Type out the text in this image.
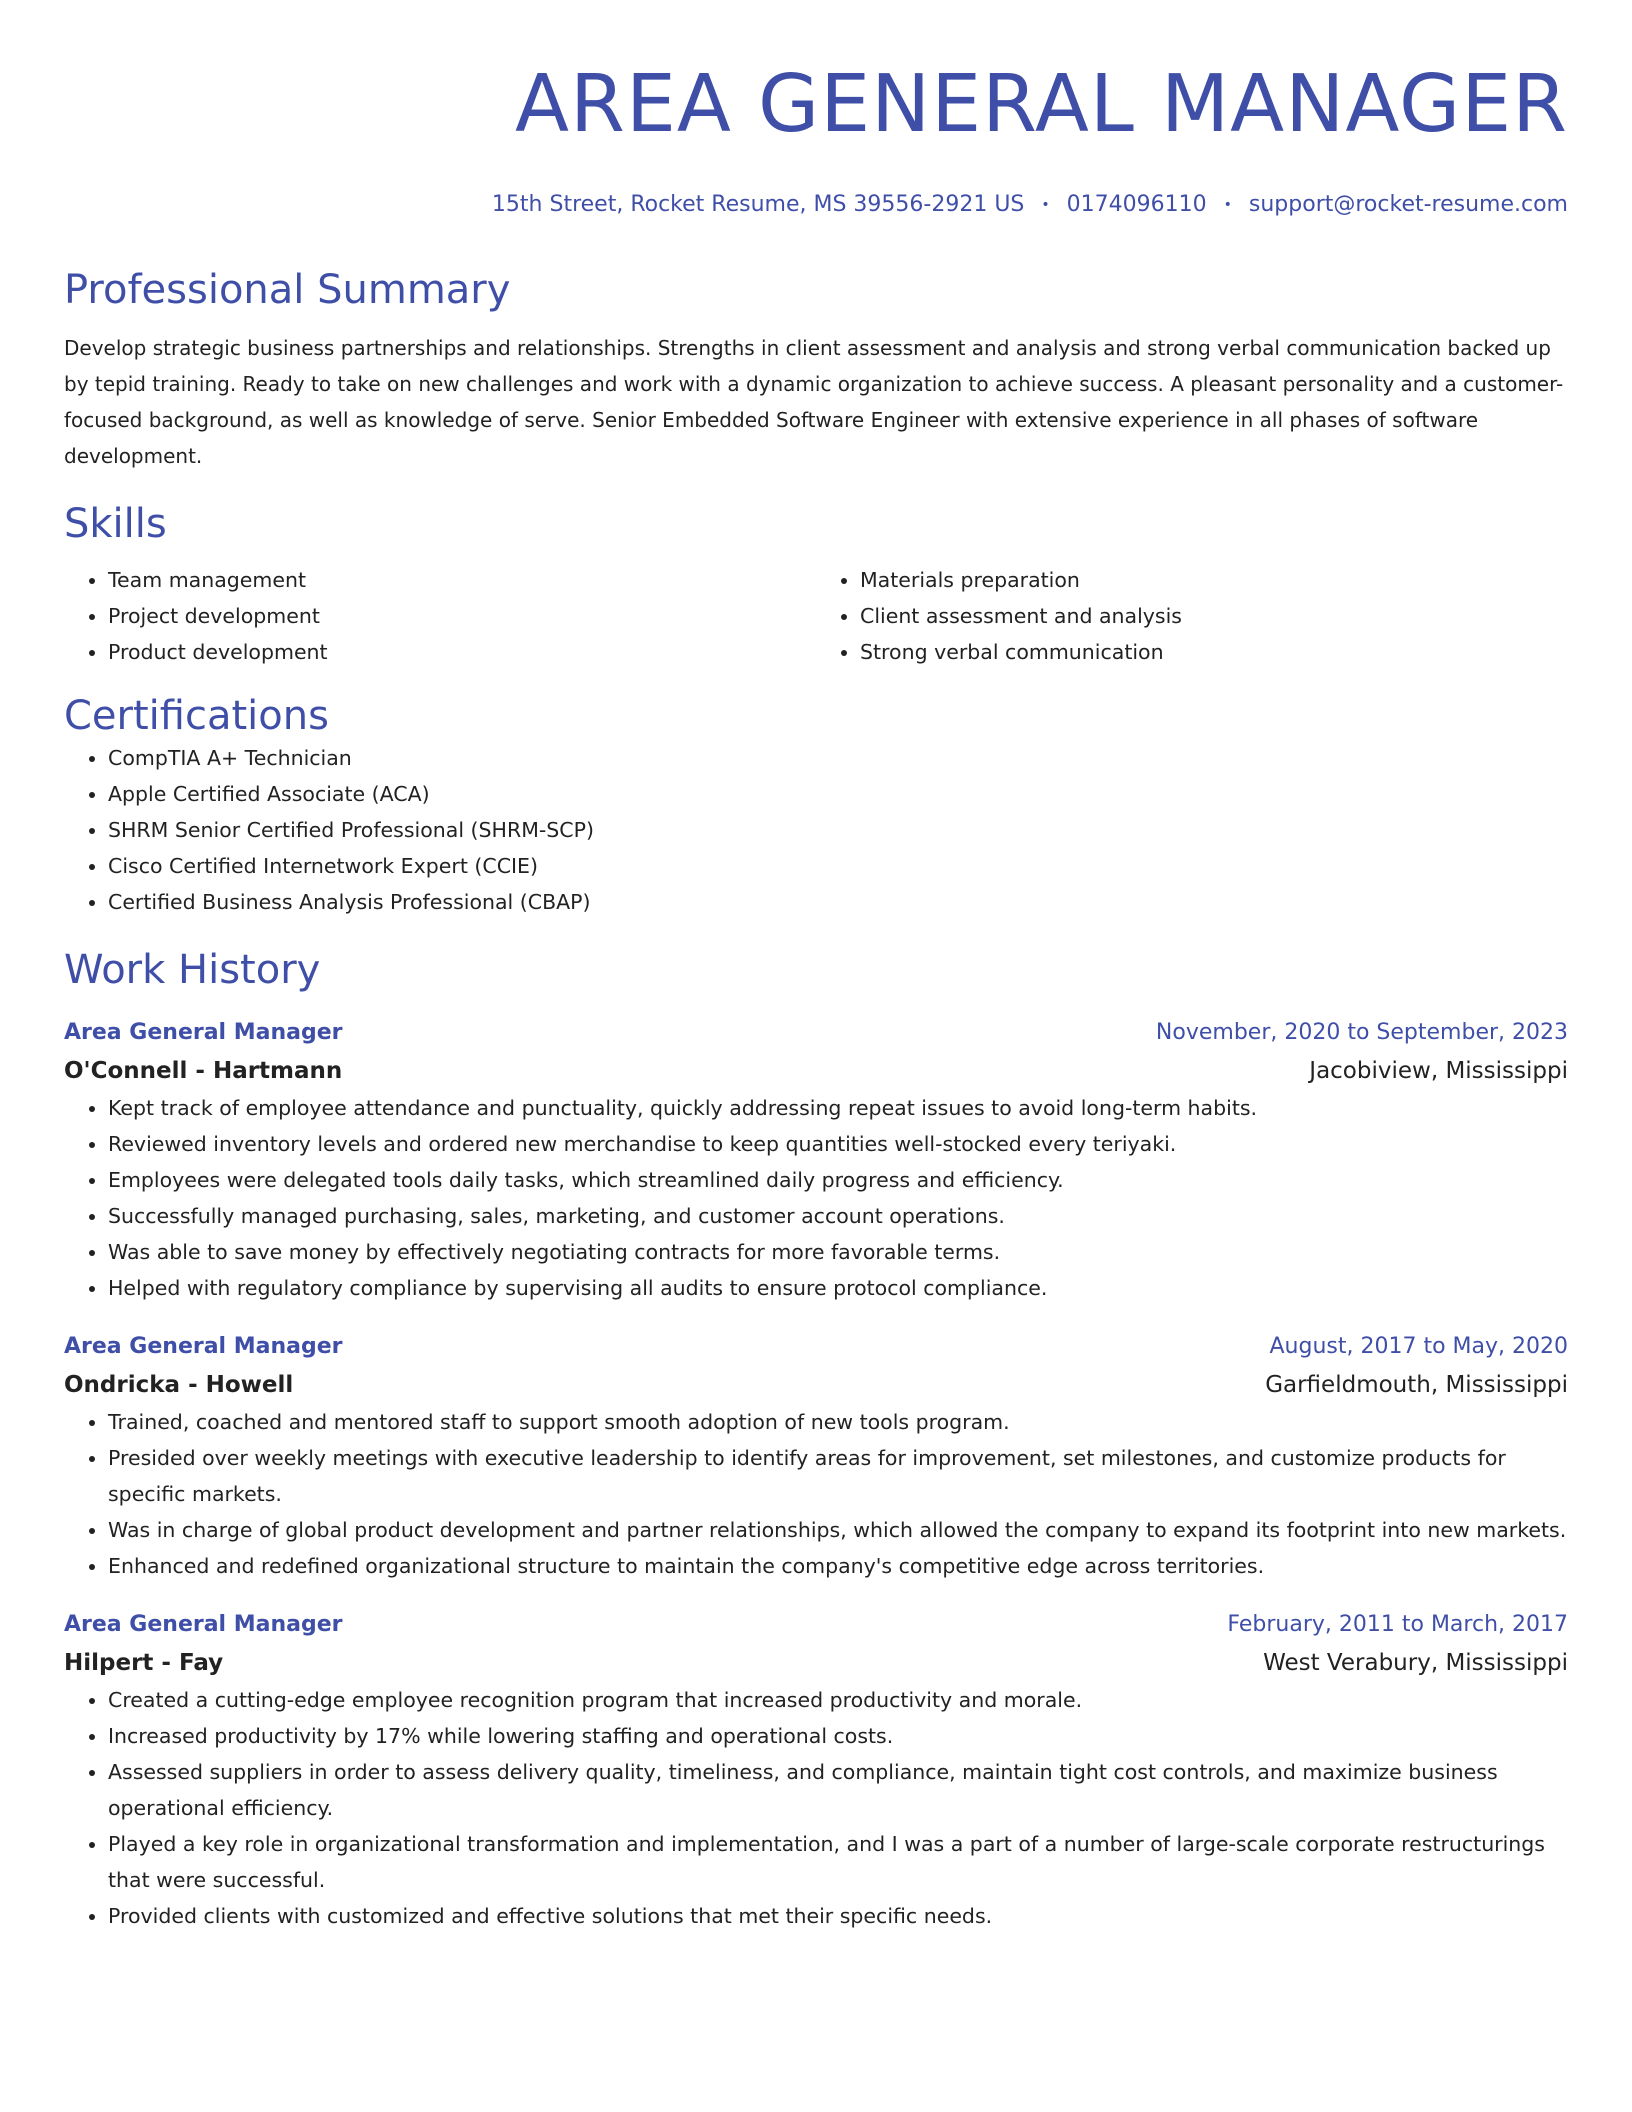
AREA GENERAL MANAGER
15th Street, Rocket Resume, MS 39556-2921 US • 0174096110 • support@rocket-resume.com
Professional Summary
Develop strategic business partnerships and relationships. Strengths in client assessment and analysis and strong verbal communication backed up by tepid training. Ready to take on new challenges and work with a dynamic organization to achieve success. A pleasant personality and a customer-focused background, as well as knowledge of serve. Senior Embedded Software Engineer with extensive experience in all phases of software development.
Skills
• Team management
• Project development
• Product development
• Materials preparation
• Client assessment and analysis
• Strong verbal communication
Certifications
• CompTIA A+ Technician
• Apple Certified Associate (ACA)
• SHRM Senior Certified Professional (SHRM-SCP)
• Cisco Certified Internetwork Expert (CCIE)
• Certified Business Analysis Professional (CBAP)
Work History
Area General Manager	November, 2020 to September, 2023
O'Connell - Hartmann	Jacobiview, Mississippi
• Kept track of employee attendance and punctuality, quickly addressing repeat issues to avoid long-term habits.
• Reviewed inventory levels and ordered new merchandise to keep quantities well-stocked every teriyaki.
• Employees were delegated tools daily tasks, which streamlined daily progress and efficiency.
• Successfully managed purchasing, sales, marketing, and customer account operations.
• Was able to save money by effectively negotiating contracts for more favorable terms.
• Helped with regulatory compliance by supervising all audits to ensure protocol compliance.
Area General Manager	August, 2017 to May, 2020
Ondricka - Howell	Garfieldmouth, Mississippi
• Trained, coached and mentored staff to support smooth adoption of new tools program.
• Presided over weekly meetings with executive leadership to identify areas for improvement, set milestones, and customize products for specific markets.
• Was in charge of global product development and partner relationships, which allowed the company to expand its footprint into new markets.
• Enhanced and redefined organizational structure to maintain the company's competitive edge across territories.
Area General Manager	February, 2011 to March, 2017
Hilpert - Fay	West Verabury, Mississippi
• Created a cutting-edge employee recognition program that increased productivity and morale.
• Increased productivity by 17% while lowering staffing and operational costs.
• Assessed suppliers in order to assess delivery quality, timeliness, and compliance, maintain tight cost controls, and maximize business operational efficiency.
• Played a key role in organizational transformation and implementation, and I was a part of a number of large-scale corporate restructurings that were successful.
• Provided clients with customized and effective solutions that met their specific needs.
